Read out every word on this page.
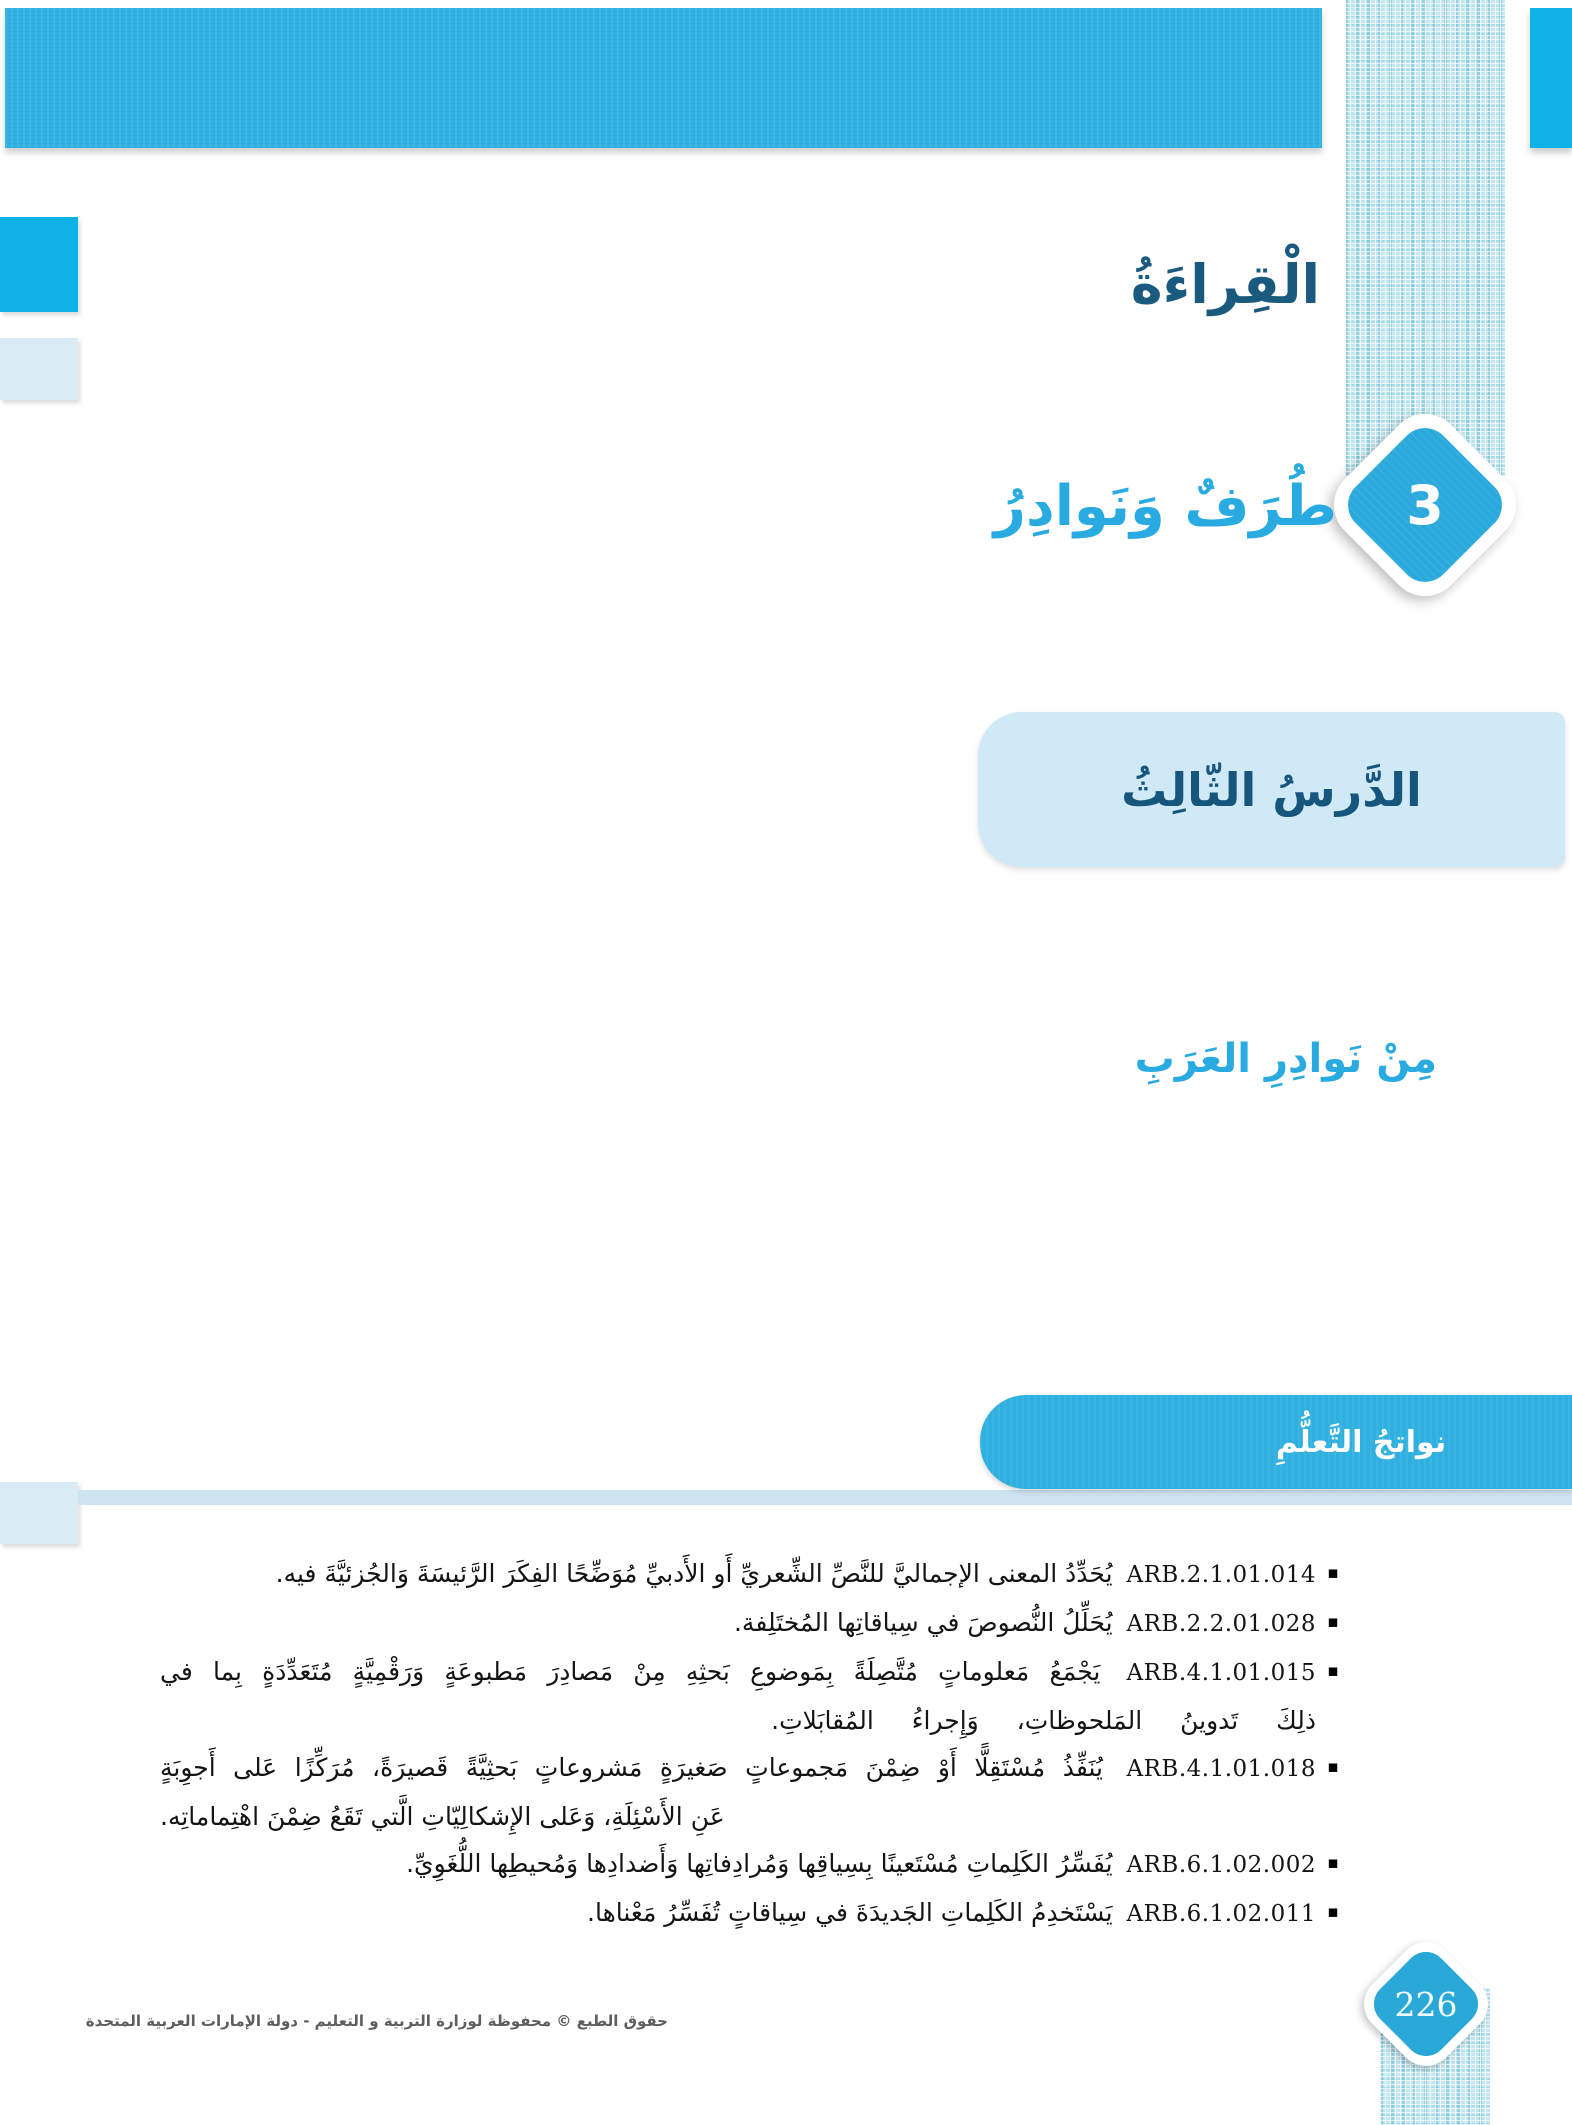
الْقِراءَةُ
3
طُرَفٌ وَنَوادِرُ
الدَّرسُ الثّالِثُ
مِنْ نَوادِرِ العَرَبِ
نواتجُ التَّعلُّمِ
▪
ARB.2.1.01.014 يُحَدِّدُ المعنى الإجماليَّ للنَّصِّ الشِّعريِّ أَو الأَدبيِّ مُوَضِّحًا الفِكَرَ الرَّئيسَةَ وَالجُزئيَّةَ فيه.
▪
ARB.2.2.01.028 يُحَلِّلُ النُّصوصَ في سِياقاتِها المُختَلِفة.
▪
ARB.4.1.01.015 يَجْمَعُ مَعلوماتٍ مُتَّصِلَةً بِمَوضوعِ بَحثِهِ مِنْ مَصادِرَ مَطبوعَةٍ وَرَقْمِيَّةٍ مُتَعَدِّدَةٍ بِما في
ذلِكَ تَدوينُ المَلحوظاتِ، وَإِجراءُ المُقابَلاتِ.
▪
ARB.4.1.01.018 يُنَفِّذُ مُسْتَقِلًّا أَوْ ضِمْنَ مَجموعاتٍ صَغيرَةٍ مَشروعاتٍ بَحثِيَّةً قَصيرَةً، مُرَكِّزًا عَلى أَجوِبَةٍ
عَنِ الأَسْئِلَةِ، وَعَلى الإِشكالِيّاتِ الَّتي تَقَعُ ضِمْنَ اهْتِماماتِه.
▪
ARB.6.1.02.002 يُفَسِّرُ الكَلِماتِ مُسْتَعينًا بِسِياقِها وَمُرادِفاتِها وَأَضدادِها وَمُحيطِها اللُّغَوِيِّ.
▪
ARB.6.1.02.011 يَسْتَخدِمُ الكَلِماتِ الجَديدَةَ في سِياقاتٍ تُفَسِّرُ مَعْناها.
حقوق الطبع © محفوظة لوزارة التربية و التعليم - دولة الإمارات العربية المتحدة	226
